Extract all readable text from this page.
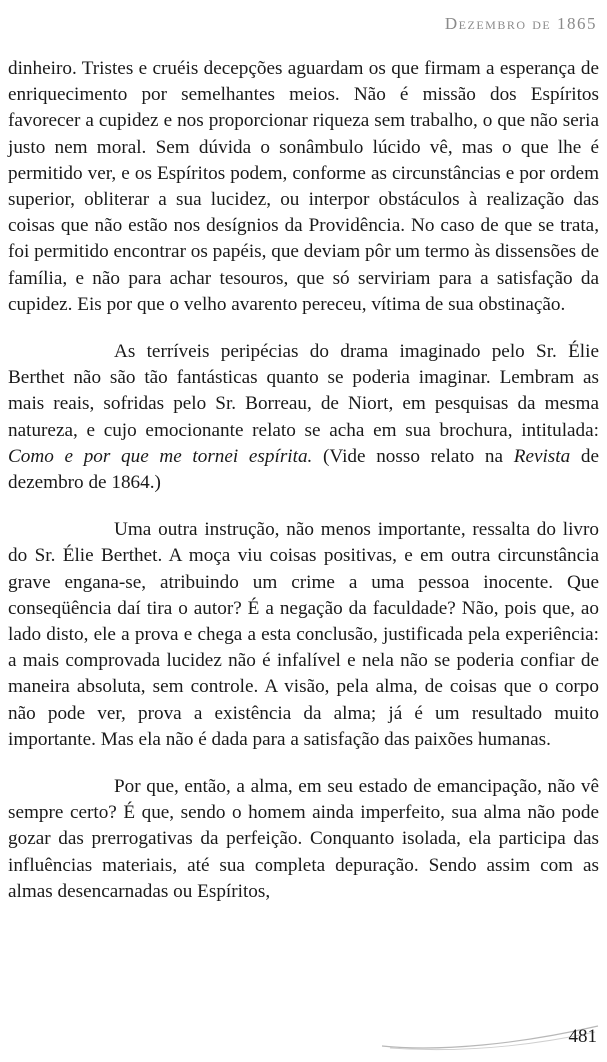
Dezembro de 1865

dinheiro. Tristes e cruéis decepções aguardam os que firmam a esperança de enriquecimento por semelhantes meios. Não é missão dos Espíritos favorecer a cupidez e nos proporcionar riqueza sem trabalho, o que não seria justo nem moral. Sem dúvida o sonâmbulo lúcido vê, mas o que lhe é permitido ver, e os Espíritos podem, conforme as circunstâncias e por ordem superior, obliterar a sua lucidez, ou interpor obstáculos à realização das coisas que não estão nos desígnios da Providência. No caso de que se trata, foi permitido encontrar os papéis, que deviam pôr um termo às dissensões de família, e não para achar tesouros, que só serviriam para a satisfação da cupidez. Eis por que o velho avarento pereceu, vítima de sua obstinação.

As terríveis peripécias do drama imaginado pelo Sr. Élie Berthet não são tão fantásticas quanto se poderia imaginar. Lembram as mais reais, sofridas pelo Sr. Borreau, de Niort, em pesquisas da mesma natureza, e cujo emocionante relato se acha em sua brochura, intitulada: Como e por que me tornei espírita. (Vide nosso relato na Revista de dezembro de 1864.)

Uma outra instrução, não menos importante, ressalta do livro do Sr. Élie Berthet. A moça viu coisas positivas, e em outra circunstância grave engana-se, atribuindo um crime a uma pessoa inocente. Que conseqüência daí tira o autor? É a negação da faculdade? Não, pois que, ao lado disto, ele a prova e chega a esta conclusão, justificada pela experiência: a mais comprovada lucidez não é infalível e nela não se poderia confiar de maneira absoluta, sem controle. A visão, pela alma, de coisas que o corpo não pode ver, prova a existência da alma; já é um resultado muito importante. Mas ela não é dada para a satisfação das paixões humanas.

Por que, então, a alma, em seu estado de emancipação, não vê sempre certo? É que, sendo o homem ainda imperfeito, sua alma não pode gozar das prerrogativas da perfeição. Conquanto isolada, ela participa das influências materiais, até sua completa depuração. Sendo assim com as almas desencarnadas ou Espíritos,

481
